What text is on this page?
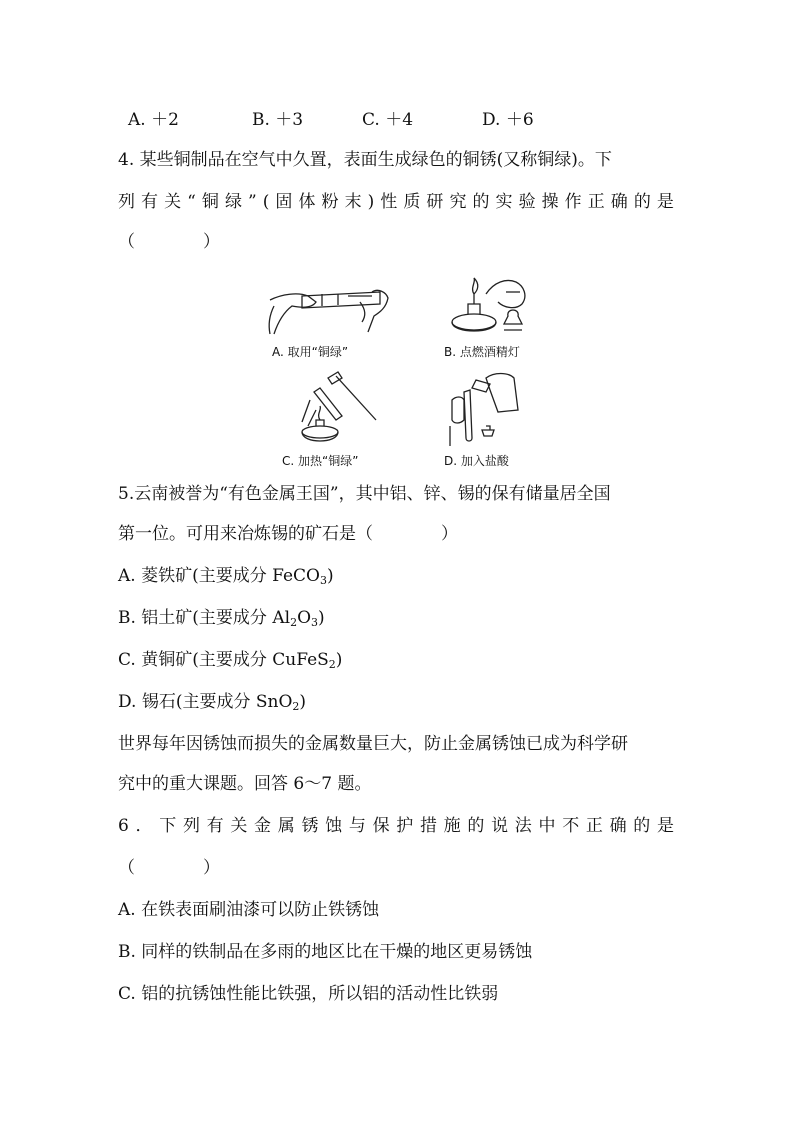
A. ＋2	B. ＋3	C. ＋4	D. ＋6
4. 某些铜制品在空气中久置，表面生成绿色的铜锈(又称铜绿)。下
列 有 关 “ 铜 绿 ” ( 固 体 粉 末 ) 性 质 研 究 的 实 验 操 作 正 确 的 是
（　　　　）
A. 取用“铜绿”	B. 点燃酒精灯
C. 加热“铜绿”	D. 加入盐酸
5.云南被誉为“有色金属王国”，其中铝、锌、锡的保有储量居全国
第一位。可用来冶炼锡的矿石是（　　　　）
A. 菱铁矿(主要成分 FeCO$_3$)
B. 铝土矿(主要成分 $Al_2O_3$)
C. 黄铜矿(主要成分 CuFeS$_2$)
D. 锡石(主要成分 SnO$_2$)
世界每年因锈蚀而损失的金属数量巨大，防止金属锈蚀已成为科学研
究中的重大课题。回答 6～7 题。
6 ． 下 列 有 关 金 属 锈 蚀 与 保 护 措 施 的 说 法 中 不 正 确 的 是
（　　　　）
A. 在铁表面刷油漆可以防止铁锈蚀
B. 同样的铁制品在多雨的地区比在干燥的地区更易锈蚀
C. 铝的抗锈蚀性能比铁强，所以铝的活动性比铁弱
